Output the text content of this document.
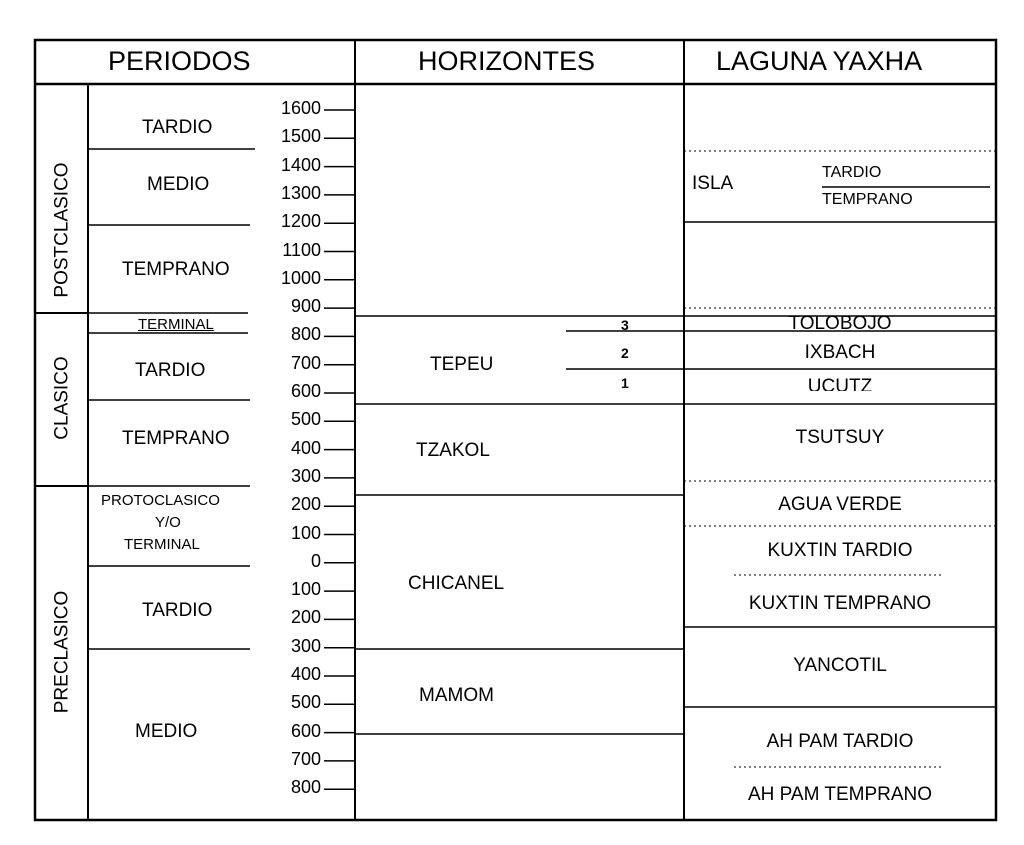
PERIODOS	HORIZONTES	LAGUNA YAXHA
POSTCLASICO
CLASICO
PRECLASICO
TARDIO
MEDIO
TEMPRANO
TERMINAL
TARDIO
TEMPRANO
PROTOCLASICO
Y/O
TERMINAL
TARDIO
MEDIO
1600
1500
1400
1300
1200
1100
1000
900
800
700
600
500
400
300
200
100
0
100
200
300
400
500
600
700
800
TEPEU
3
2
1
TZAKOL
CHICANEL
MAMOM
ISLA
TARDIO
TEMPRANO
TOLOBOJO
IXBACH
UCUTZ
TSUTSUY
AGUA VERDE
KUXTIN TARDIO
KUXTIN TEMPRANO
YANCOTIL
AH PAM TARDIO
AH PAM TEMPRANO
